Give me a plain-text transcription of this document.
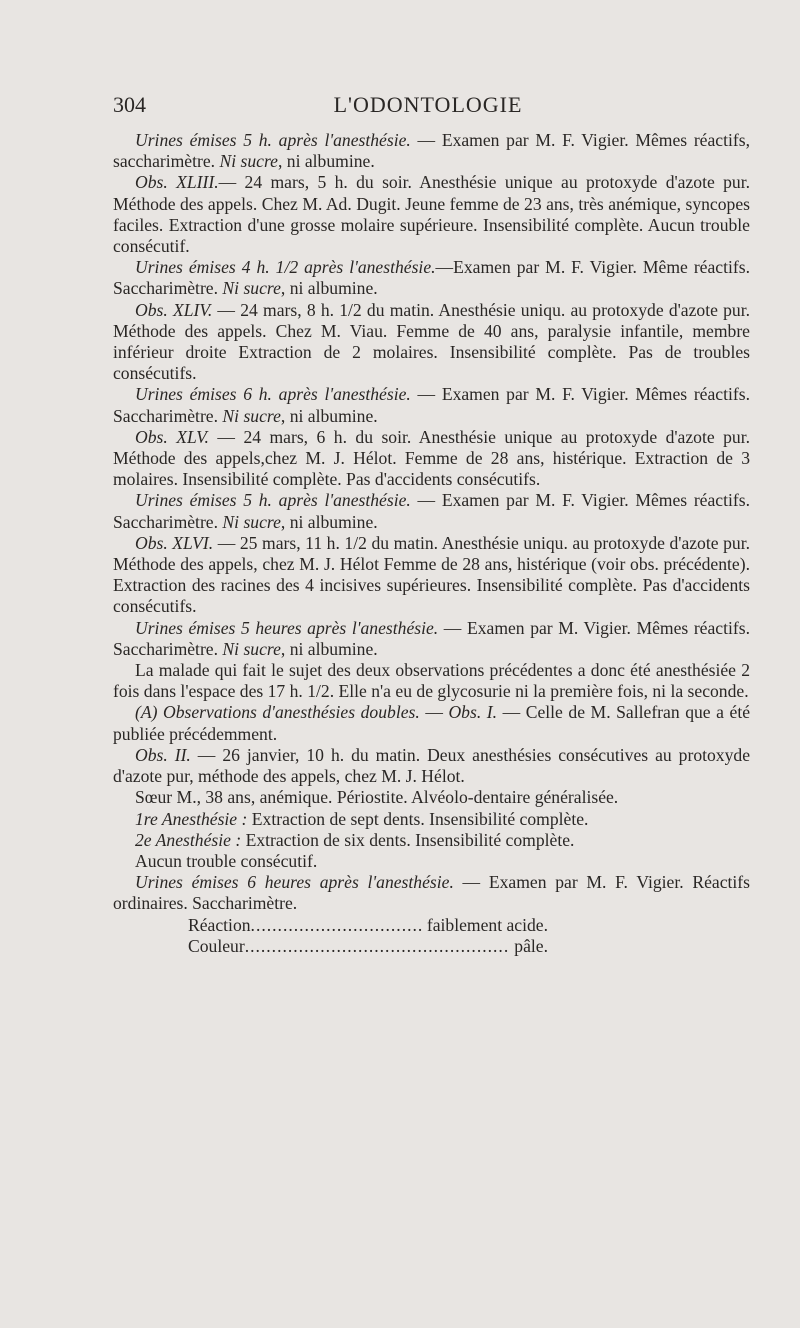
304	L'ODONTOLOGIE

Urines émises 5 h. après l'anesthésie. — Examen par M. F. Vigier. Mêmes réactifs, saccharimètre. Ni sucre, ni albumine.

Obs. XLIII.— 24 mars, 5 h. du soir. Anesthésie unique au protoxyde d'azote pur. Méthode des appels. Chez M. Ad. Dugit. Jeune femme de 23 ans, très anémique, syncopes faciles. Extraction d'une grosse molaire supérieure. Insensibilité complète. Aucun trouble consécutif.

Urines émises 4 h. 1/2 après l'anesthésie.—Examen par M. F. Vigier. Même réactifs. Saccharimètre. Ni sucre, ni albumine.

Obs. XLIV. — 24 mars, 8 h. 1/2 du matin. Anesthésie uniqu. au protoxyde d'azote pur. Méthode des appels. Chez M. Viau. Femme de 40 ans, paralysie infantile, membre inférieur droite Extraction de 2 molaires. Insensibilité complète. Pas de troubles consécutifs.

Urines émises 6 h. après l'anesthésie. — Examen par M. F. Vigier. Mêmes réactifs. Saccharimètre. Ni sucre, ni albumine.

Obs. XLV. — 24 mars, 6 h. du soir. Anesthésie unique au protoxyde d'azote pur. Méthode des appels,chez M. J. Hélot. Femme de 28 ans, histérique. Extraction de 3 molaires. Insensibilité complète. Pas d'accidents consécutifs.

Urines émises 5 h. après l'anesthésie. — Examen par M. F. Vigier. Mêmes réactifs. Saccharimètre. Ni sucre, ni albumine.

Obs. XLVI. — 25 mars, 11 h. 1/2 du matin. Anesthésie uniqu. au protoxyde d'azote pur. Méthode des appels, chez M. J. Hélot Femme de 28 ans, histérique (voir obs. précédente). Extraction des racines des 4 incisives supérieures. Insensibilité complète. Pas d'accidents consécutifs.

Urines émises 5 heures après l'anesthésie. — Examen par M. Vigier. Mêmes réactifs. Saccharimètre. Ni sucre, ni albumine.

La malade qui fait le sujet des deux observations précédentes a donc été anesthésiée 2 fois dans l'espace des 17 h. 1/2. Elle n'a eu de glycosurie ni la première fois, ni la seconde.

(A) Observations d'anesthésies doubles. — Obs. I. — Celle de M. Sallefran que a été publiée précédemment.

Obs. II. — 26 janvier, 10 h. du matin. Deux anesthésies consécutives au protoxyde d'azote pur, méthode des appels, chez M. J. Hélot.

Sœur M., 38 ans, anémique. Périostite. Alvéolo-dentaire généralisée.

1re Anesthésie : Extraction de sept dents. Insensibilité complète.

2e Anesthésie : Extraction de six dents. Insensibilité complète.

Aucun trouble consécutif.

Urines émises 6 heures après l'anesthésie. — Examen par M. F. Vigier. Réactifs ordinaires. Saccharimètre.

Réaction .....	faiblement acide.
Couleur .....	pâle.
